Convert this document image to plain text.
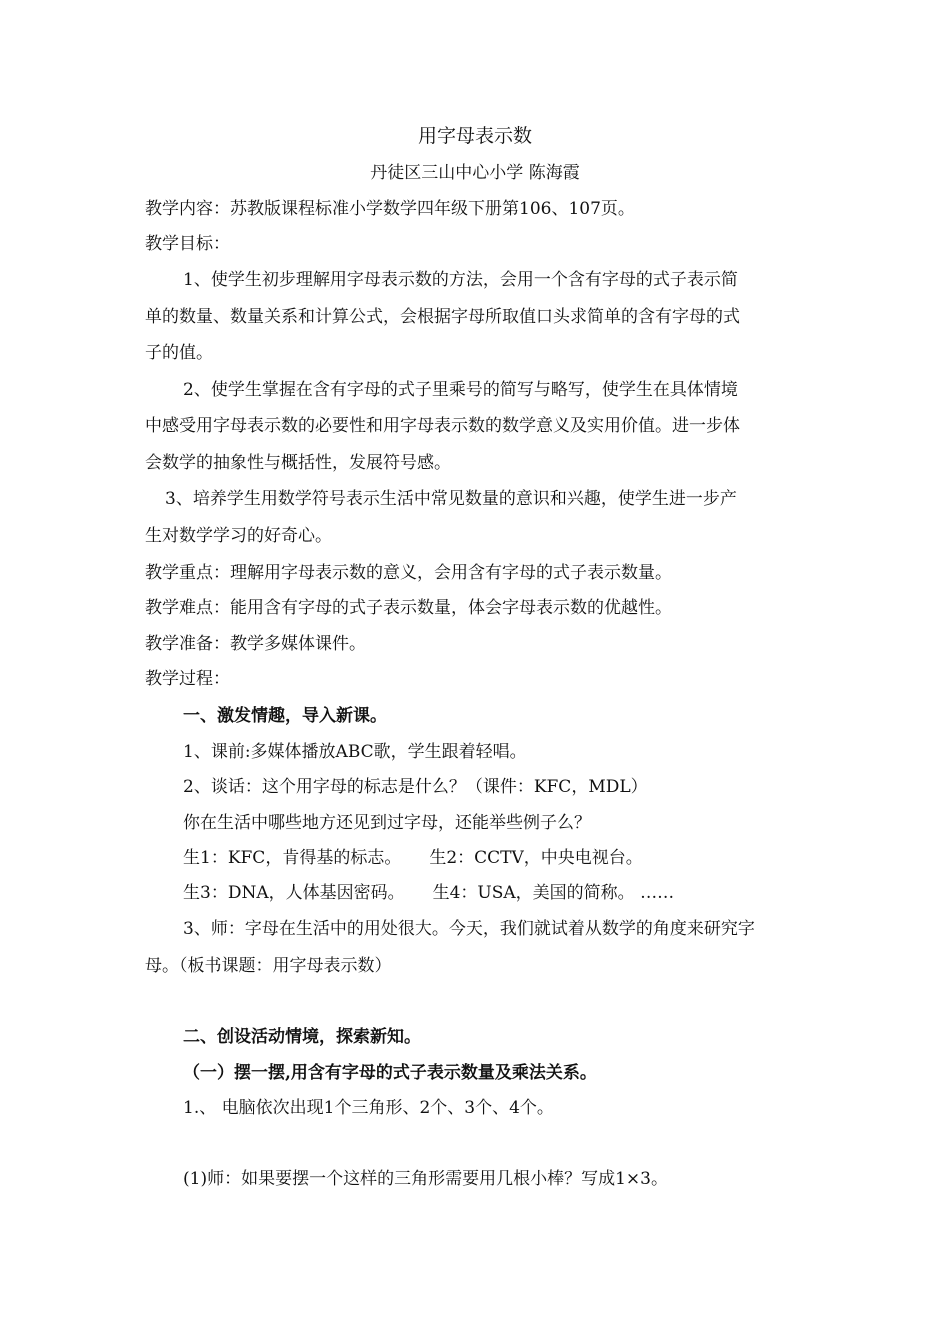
用字母表示数
丹徒区三山中心小学 陈海霞
教学内容：苏教版课程标准小学数学四年级下册第106、107页。
教学目标：
1、使学生初步理解用字母表示数的方法，会用一个含有字母的式子表示简
单的数量、数量关系和计算公式，会根据字母所取值口头求简单的含有字母的式
子的值。
2、使学生掌握在含有字母的式子里乘号的简写与略写，使学生在具体情境
中感受用字母表示数的必要性和用字母表示数的数学意义及实用价值。进一步体
会数学的抽象性与概括性，发展符号感。
3、培养学生用数学符号表示生活中常见数量的意识和兴趣，使学生进一步产
生对数学学习的好奇心。
教学重点：理解用字母表示数的意义，会用含有字母的式子表示数量。
教学难点：能用含有字母的式子表示数量，体会字母表示数的优越性。
教学准备：教学多媒体课件。
教学过程：
一、激发情趣，导入新课。
1、课前:多媒体播放ABC歌，学生跟着轻唱。
2、谈话：这个用字母的标志是什么？（课件：KFC，MDL）
你在生活中哪些地方还见到过字母，还能举些例子么？
生1：KFC，肯得基的标志。 生2：CCTV，中央电视台。
生3：DNA，人体基因密码。 生4：USA，美国的简称。 ……
3、师：字母在生活中的用处很大。今天，我们就试着从数学的角度来研究字
母。（板书课题：用字母表示数）
二、创设活动情境，探索新知。
（一）摆一摆,用含有字母的式子表示数量及乘法关系。
1.、 电脑依次出现1个三角形、2个、3个、4个。
(1)师：如果要摆一个这样的三角形需要用几根小棒？写成1×3。
